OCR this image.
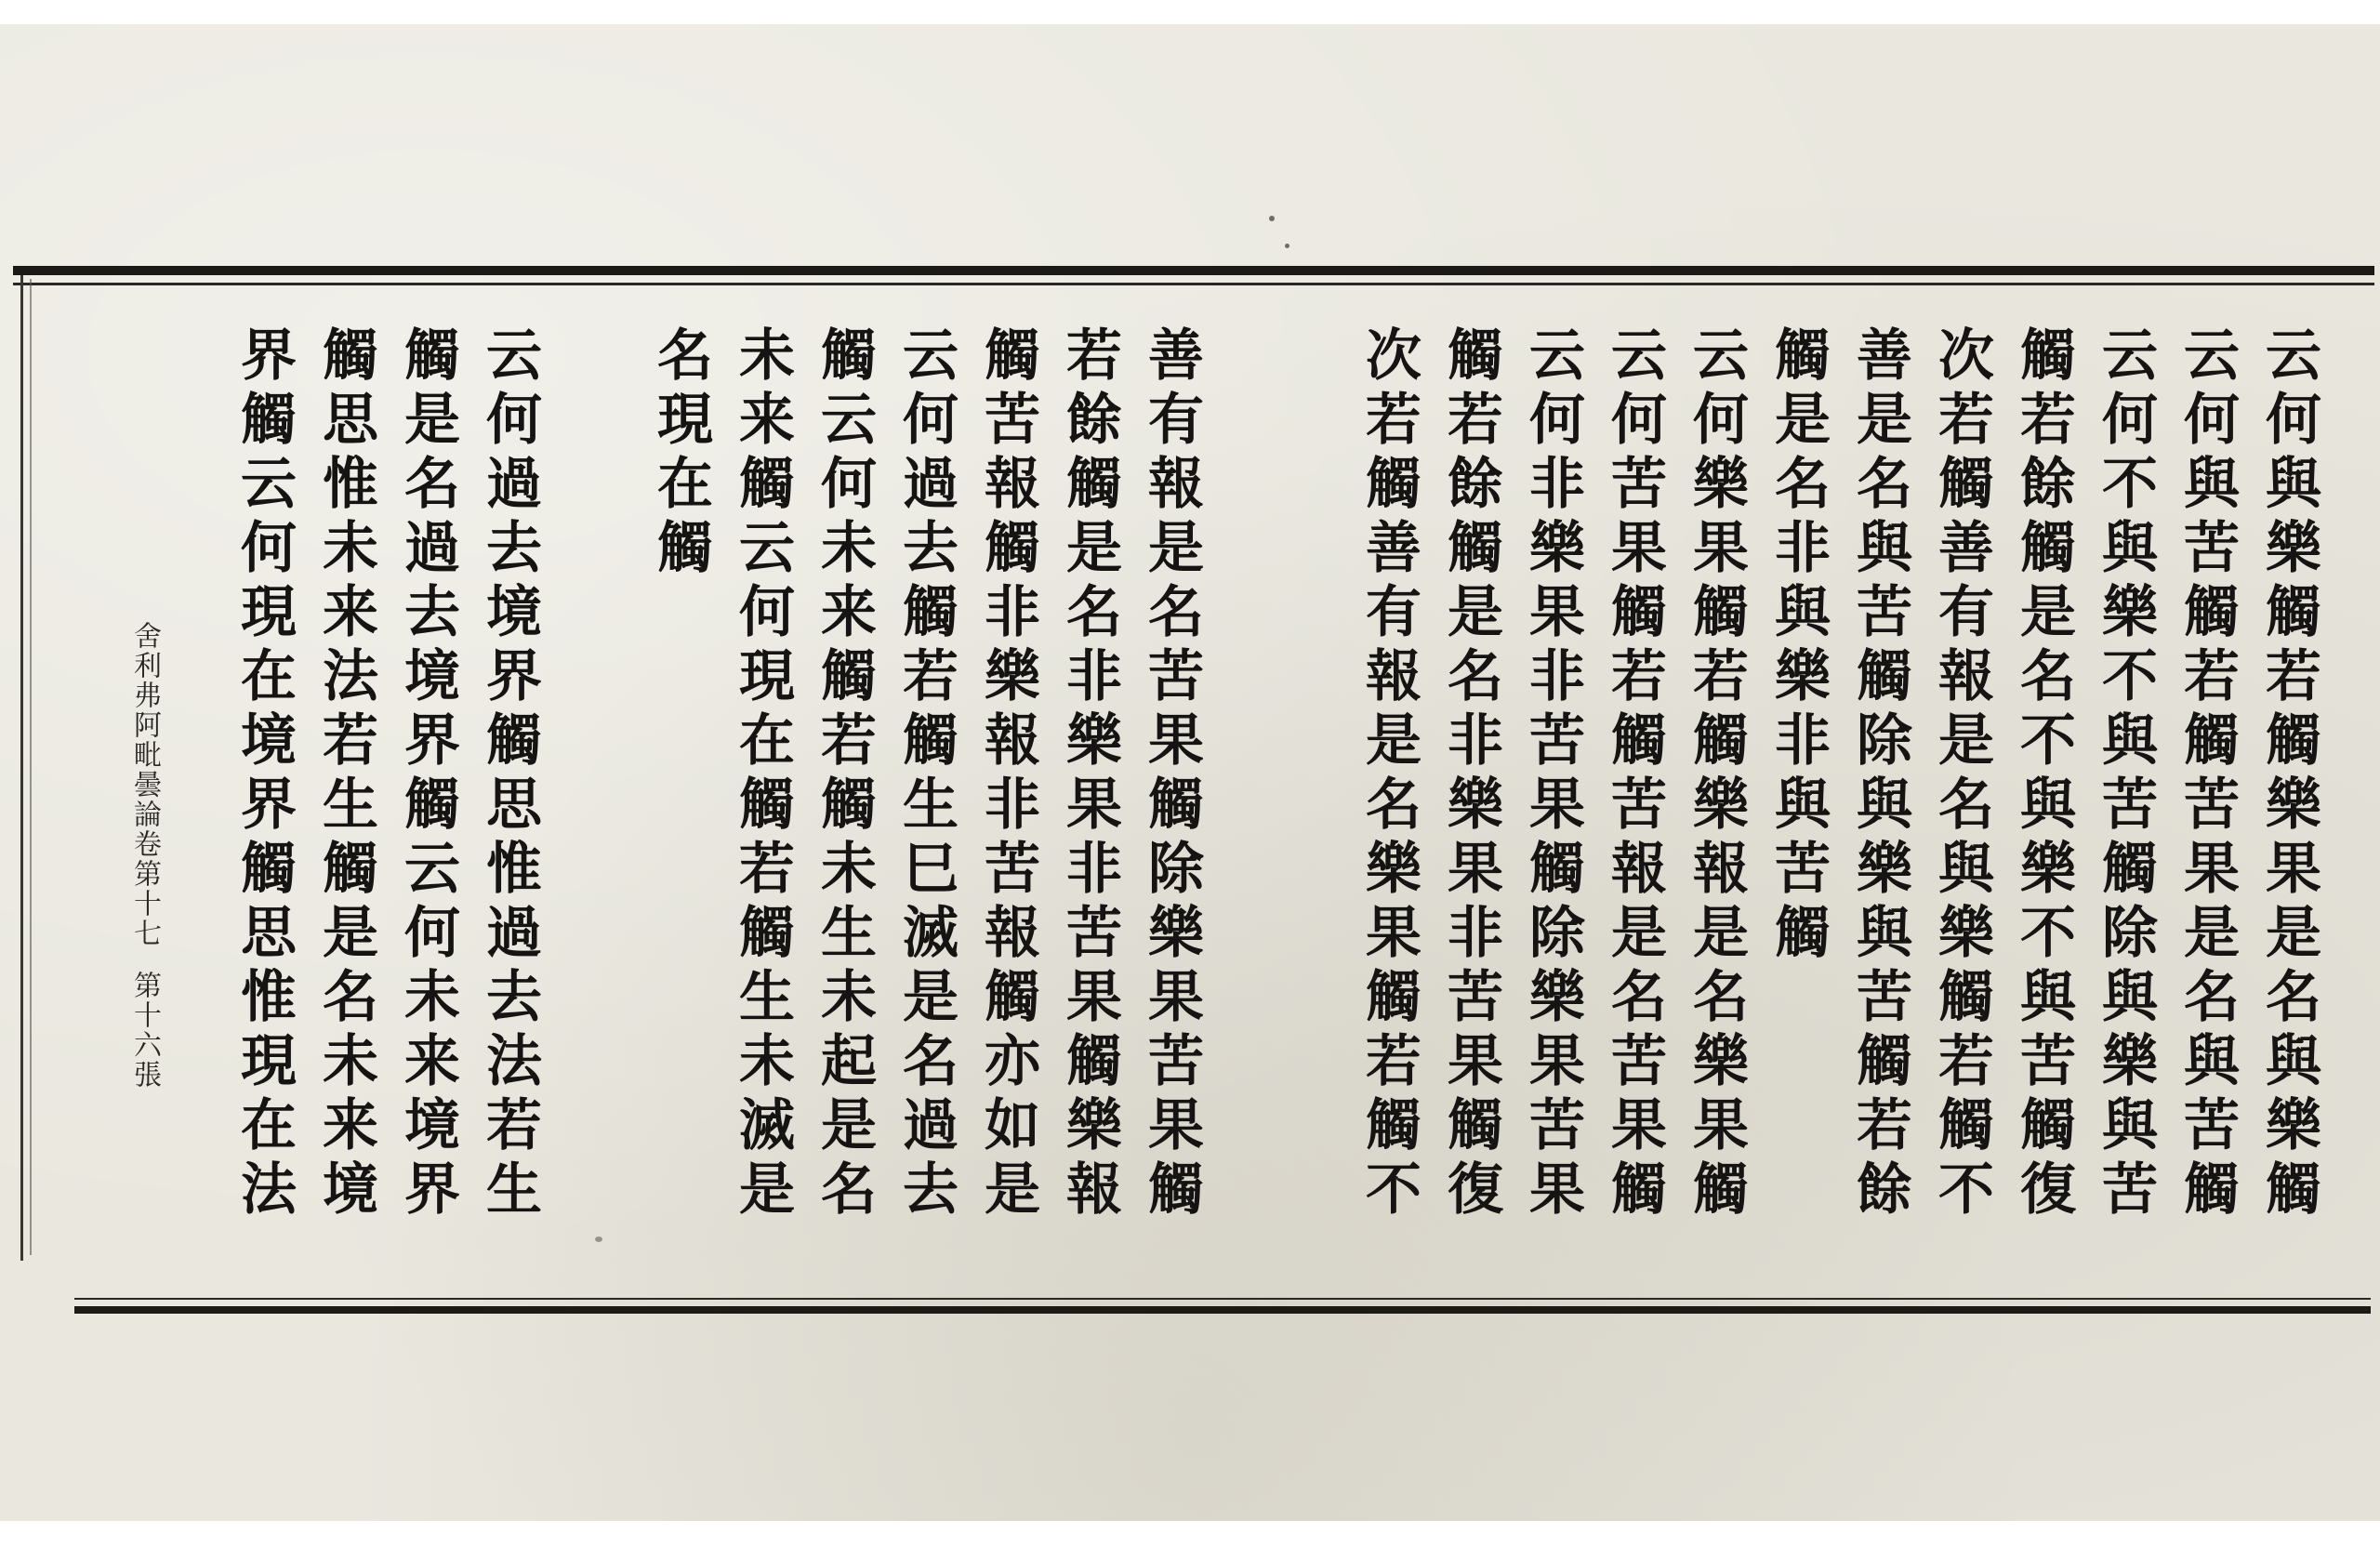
云何與樂觸若觸樂果是名與樂觸
云何與苦觸若觸苦果是名與苦觸
云何不與樂不與苦觸除與樂與苦
觸若餘觸是名不與樂不與苦觸復
次若觸善有報是名與樂觸若觸不
善是名與苦觸除與樂與苦觸若餘
觸是名非與樂非與苦觸
云何樂果觸若觸樂報是名樂果觸
云何苦果觸若觸苦報是名苦果觸
云何非樂果非苦果觸除樂果苦果
觸若餘觸是名非樂果非苦果觸復
次若觸善有報是名樂果觸若觸不
善有報是名苦果觸除樂果苦果觸
若餘觸是名非樂果非苦果觸樂報
觸苦報觸非樂報非苦報觸亦如是
云何過去觸若觸生巳滅是名過去
觸云何未来觸若觸未生未起是名
未来觸云何現在觸若觸生未滅是
名現在觸
云何過去境界觸思惟過去法若生
觸是名過去境界觸云何未来境界
觸思惟未来法若生觸是名未来境
界觸云何現在境界觸思惟現在法
舍利弗阿毗曇論卷第十七第十六張
